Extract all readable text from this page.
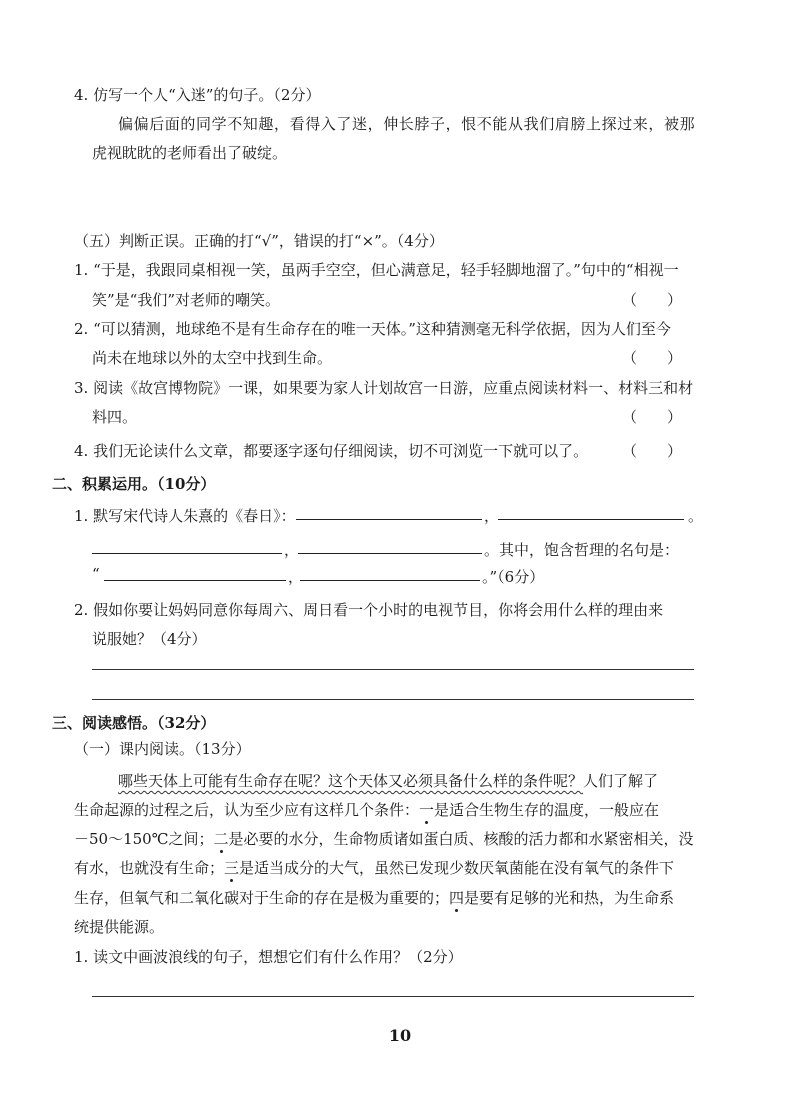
4. 仿写一个人“入迷”的句子。（2分）
偏偏后面的同学不知趣，看得入了迷，伸长脖子，恨不能从我们肩膀上探过来，被那
虎视眈眈的老师看出了破绽。
（五）判断正误。正确的打“√”，错误的打“×”。（4分）
1. “于是，我跟同桌相视一笑，虽两手空空，但心满意足，轻手轻脚地溜了。”句中的“相视一
笑”是“我们”对老师的嘲笑。	（　　）
2. “可以猜测，地球绝不是有生命存在的唯一天体。”这种猜测毫无科学依据，因为人们至今
尚未在地球以外的太空中找到生命。	（　　）
3. 阅读《故宫博物院》一课，如果要为家人计划故宫一日游，应重点阅读材料一、材料三和材
料四。	（　　）
4. 我们无论读什么文章，都要逐字逐句仔细阅读，切不可浏览一下就可以了。 （　　）
二、积累运用。（10分）
1. 默写宋代诗人朱熹的《春日》：	，	。
，	。其中，饱含哲理的名句是：
“	，	。”（6分）
2. 假如你要让妈妈同意你每周六、周日看一个小时的电视节目，你将会用什么样的理由来
说服她？（4分）
三、阅读感悟。（32分）
（一）课内阅读。（13分）
哪些天体上可能有生命存在呢？这个天体又必须具备什么样的条件呢？人们了解了
生命起源的过程之后，认为至少应有这样几个条件：一是适合生物生存的温度，一般应在
－50～150℃之间；二是必要的水分，生命物质诸如蛋白质、核酸的活力都和水紧密相关，没
有水，也就没有生命；三是适当成分的大气，虽然已发现少数厌氧菌能在没有氧气的条件下
生存，但氧气和二氧化碳对于生命的存在是极为重要的；四是要有足够的光和热，为生命系
统提供能源。
1. 读文中画波浪线的句子，想想它们有什么作用？（2分）
10
